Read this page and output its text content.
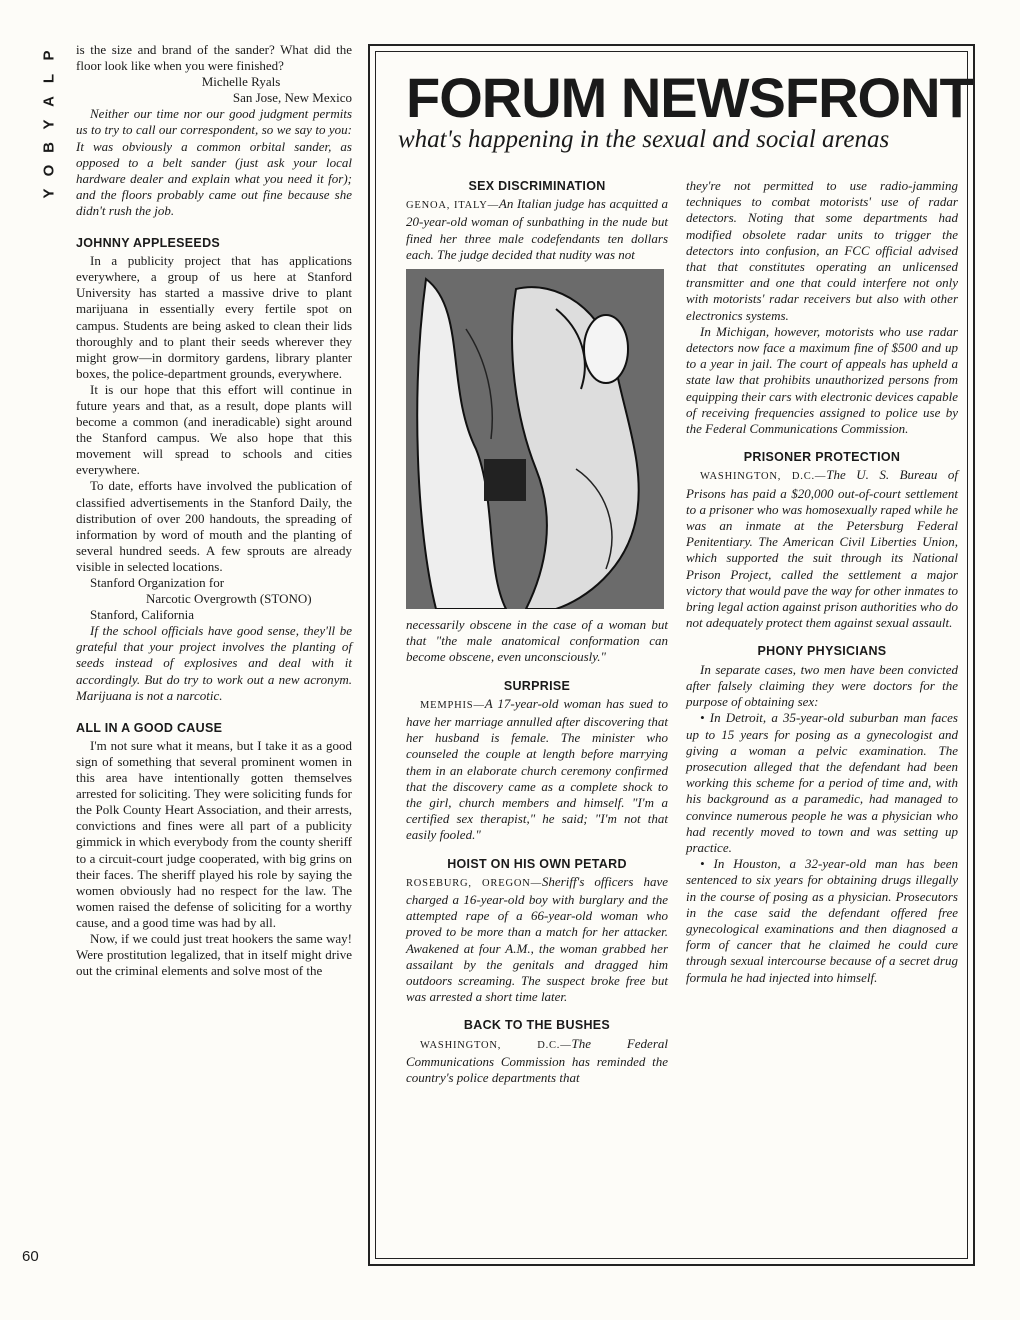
P
L
A
Y
B
O
Y
60

is the size and brand of the sander? What did the floor look like when you were finished?

Michelle Ryals

San Jose, New Mexico

Neither our time nor our good judgment permits us to try to call our correspondent, so we say to you: It was obviously a common orbital sander, as opposed to a belt sander (just ask your local hardware dealer and explain what you need it for); and the floors probably came out fine because she didn't rush the job.

JOHNNY APPLESEEDS

In a publicity project that has applications everywhere, a group of us here at Stanford University has started a massive drive to plant marijuana in essentially every fertile spot on campus. Students are being asked to clean their lids thoroughly and to plant their seeds wherever they might grow—in dormitory gardens, library planter boxes, the police-department grounds, everywhere.

It is our hope that this effort will continue in future years and that, as a result, dope plants will become a common (and ineradicable) sight around the Stanford campus. We also hope that this movement will spread to schools and cities everywhere.

To date, efforts have involved the publication of classified advertisements in the Stanford Daily, the distribution of over 200 handouts, the spreading of information by word of mouth and the planting of several hundred seeds. A few sprouts are already visible in selected locations.

Stanford Organization for

Narcotic Overgrowth (STONO)

Stanford, California

If the school officials have good sense, they'll be grateful that your project involves the planting of seeds instead of explosives and deal with it accordingly. But do try to work out a new acronym. Marijuana is not a narcotic.

ALL IN A GOOD CAUSE

I'm not sure what it means, but I take it as a good sign of something that several prominent women in this area have intentionally gotten themselves arrested for soliciting. They were soliciting funds for the Polk County Heart Association, and their arrests, convictions and fines were all part of a publicity gimmick in which everybody from the county sheriff to a circuit-court judge cooperated, with big grins on their faces. The sheriff played his role by saying the women obviously had no respect for the law. The women raised the defense of soliciting for a worthy cause, and a good time was had by all.

Now, if we could just treat hookers the same way! Were prostitution legalized, that in itself might drive out the criminal elements and solve most of the

FORUM NEWSFRONT
what's happening in the sexual and social arenas
SEX DISCRIMINATION

GENOA, ITALY—An Italian judge has acquitted a 20-year-old woman of sunbathing in the nude but fined her three male codefendants ten dollars each. The judge decided that nudity was not

necessarily obscene in the case of a woman but that "the male anatomical conformation can become obscene, even unconsciously."

SURPRISE

MEMPHIS—A 17-year-old woman has sued to have her marriage annulled after discovering that her husband is female. The minister who counseled the couple at length before marrying them in an elaborate church ceremony confirmed that the discovery came as a complete shock to the girl, church members and himself. "I'm a certified sex therapist," he said; "I'm not that easily fooled."

HOIST ON HIS OWN PETARD

ROSEBURG, OREGON—Sheriff's officers have charged a 16-year-old boy with burglary and the attempted rape of a 66-year-old woman who proved to be more than a match for her attacker. Awakened at four A.M., the woman grabbed her assailant by the genitals and dragged him outdoors screaming. The suspect broke free but was arrested a short time later.

BACK TO THE BUSHES

WASHINGTON, D.C.—The Federal Communications Commission has reminded the country's police departments that

they're not permitted to use radio-jamming techniques to combat motorists' use of radar detectors. Noting that some departments had modified obsolete radar units to trigger the detectors into confusion, an FCC official advised that that constitutes operating an unlicensed transmitter and one that could interfere not only with motorists' radar receivers but also with other electronics systems.

In Michigan, however, motorists who use radar detectors now face a maximum fine of $500 and up to a year in jail. The court of appeals has upheld a state law that prohibits unauthorized persons from equipping their cars with electronic devices capable of receiving frequencies assigned to police use by the Federal Communications Commission.

PRISONER PROTECTION

WASHINGTON, D.C.—The U. S. Bureau of Prisons has paid a $20,000 out-of-court settlement to a prisoner who was homosexually raped while he was an inmate at the Petersburg Federal Penitentiary. The American Civil Liberties Union, which supported the suit through its National Prison Project, called the settlement a major victory that would pave the way for other inmates to bring legal action against prison authorities who do not adequately protect them against sexual assault.

PHONY PHYSICIANS

In separate cases, two men have been convicted after falsely claiming they were doctors for the purpose of obtaining sex:

• In Detroit, a 35-year-old suburban man faces up to 15 years for posing as a gynecologist and giving a woman a pelvic examination. The prosecution alleged that the defendant had been working this scheme for a period of time and, with his background as a paramedic, had managed to convince numerous people he was a physician who had recently moved to town and was setting up practice.

• In Houston, a 32-year-old man has been sentenced to six years for obtaining drugs illegally in the course of posing as a physician. Prosecutors in the case said the defendant offered free gynecological examinations and then diagnosed a form of cancer that he claimed he could cure through sexual intercourse because of a secret drug formula he had injected into himself.
